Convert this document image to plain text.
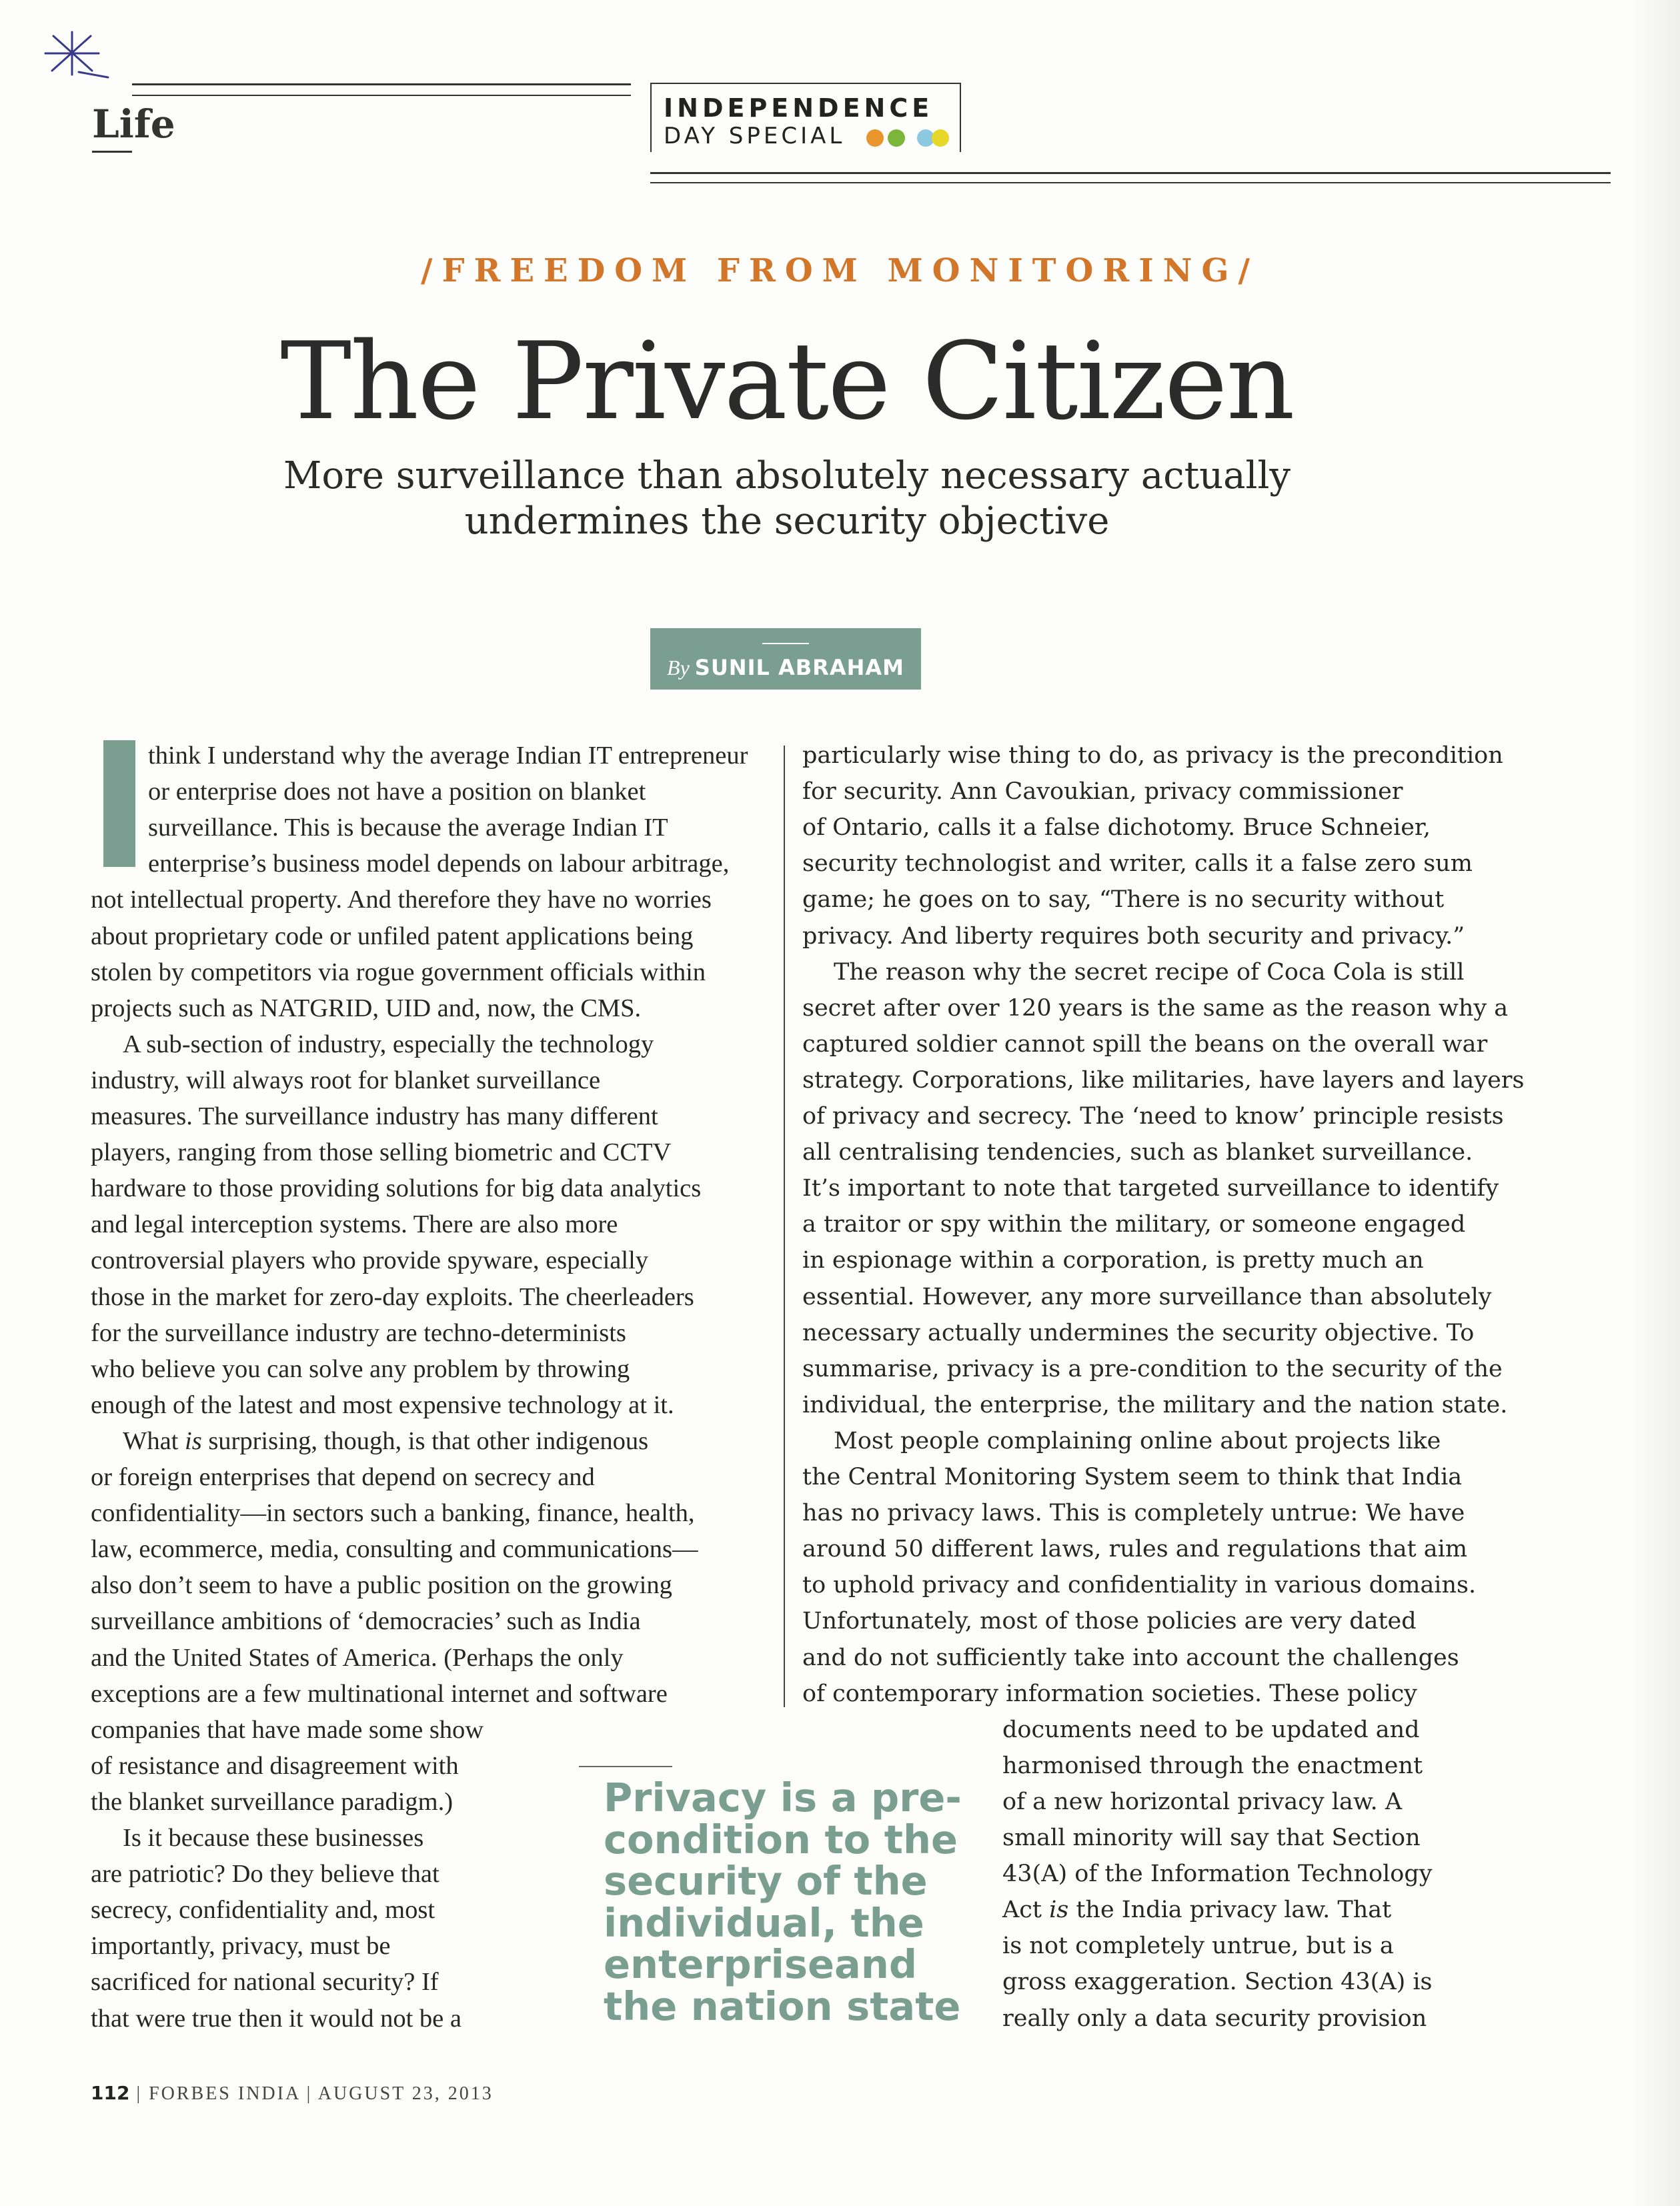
Life	INDEPENDENCE
DAY SPECIAL
/FREEDOM FROM MONITORING/
The Private Citizen
More surveillance than absolutely necessary actually
undermines the security objective
By SUNIL ABRAHAM
think I understand why the average Indian IT entrepreneur
or enterprise does not have a position on blanket
surveillance. This is because the average Indian IT
enterprise’s business model depends on labour arbitrage,
not intellectual property. And therefore they have no worries
about proprietary code or unfiled patent applications being
stolen by competitors via rogue government officials within
projects such as NATGRID, UID and, now, the CMS.
A sub-section of industry, especially the technology
industry, will always root for blanket surveillance
measures. The surveillance industry has many different
players, ranging from those selling biometric and CCTV
hardware to those providing solutions for big data analytics
and legal interception systems. There are also more
controversial players who provide spyware, especially
those in the market for zero-day exploits. The cheerleaders
for the surveillance industry are techno-determinists
who believe you can solve any problem by throwing
enough of the latest and most expensive technology at it.
What is surprising, though, is that other indigenous
or foreign enterprises that depend on secrecy and
confidentiality—in sectors such a banking, finance, health,
law, ecommerce, media, consulting and communications—
also don’t seem to have a public position on the growing
surveillance ambitions of ‘democracies’ such as India
and the United States of America. (Perhaps the only
exceptions are a few multinational internet and software
companies that have made some show
of resistance and disagreement with
the blanket surveillance paradigm.)
Is it because these businesses
are patriotic? Do they believe that
secrecy, confidentiality and, most
importantly, privacy, must be
sacrificed for national security? If
that were true then it would not be a
particularly wise thing to do, as privacy is the precondition
for security. Ann Cavoukian, privacy commissioner
of Ontario, calls it a false dichotomy. Bruce Schneier,
security technologist and writer, calls it a false zero sum
game; he goes on to say, “There is no security without
privacy. And liberty requires both security and privacy.”
The reason why the secret recipe of Coca Cola is still
secret after over 120 years is the same as the reason why a
captured soldier cannot spill the beans on the overall war
strategy. Corporations, like militaries, have layers and layers
of privacy and secrecy. The ‘need to know’ principle resists
all centralising tendencies, such as blanket surveillance.
It’s important to note that targeted surveillance to identify
a traitor or spy within the military, or someone engaged
in espionage within a corporation, is pretty much an
essential. However, any more surveillance than absolutely
necessary actually undermines the security objective. To
summarise, privacy is a pre-condition to the security of the
individual, the enterprise, the military and the nation state.
Most people complaining online about projects like
the Central Monitoring System seem to think that India
has no privacy laws. This is completely untrue: We have
around 50 different laws, rules and regulations that aim
to uphold privacy and confidentiality in various domains.
Unfortunately, most of those policies are very dated
and do not sufficiently take into account the challenges
of contemporary information societies. These policy
documents need to be updated and
harmonised through the enactment
of a new horizontal privacy law. A
small minority will say that Section
43(A) of the Information Technology
Act is the India privacy law. That
is not completely untrue, but is a
gross exaggeration. Section 43(A) is
really only a data security provision
Privacy is a pre-
condition to the
security of the
individual, the
enterpriseand
the nation state
112 | FORBES INDIA | AUGUST 23, 2013
